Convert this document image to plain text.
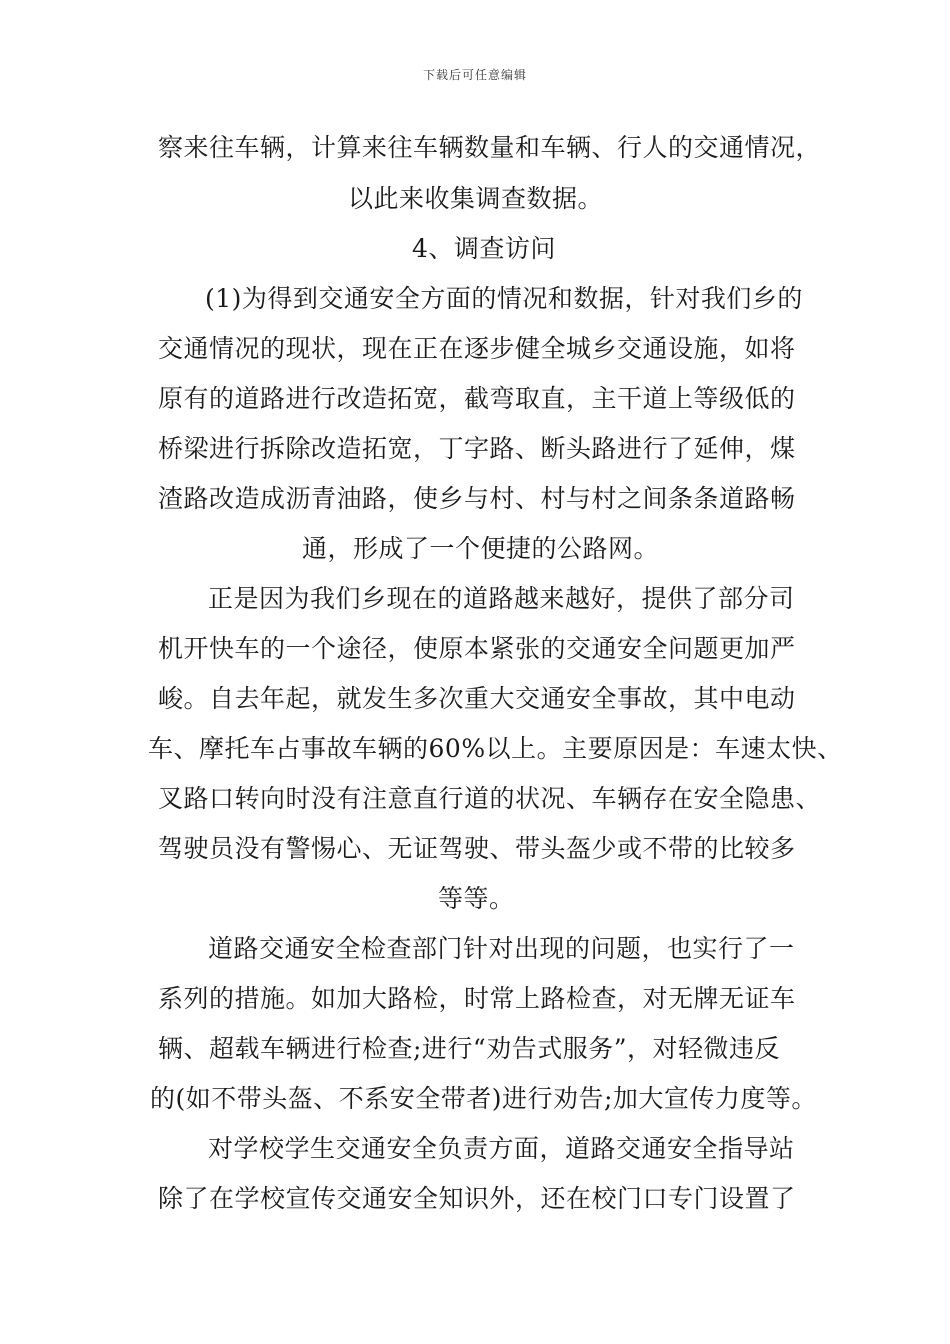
下载后可任意编辑
察来往车辆，计算来往车辆数量和车辆、行人的交通情况，
以此来收集调查数据。
4、调查访问
(1)为得到交通安全方面的情况和数据，针对我们乡的
交通情况的现状，现在正在逐步健全城乡交通设施，如将
原有的道路进行改造拓宽，截弯取直，主干道上等级低的
桥梁进行拆除改造拓宽，丁字路、断头路进行了延伸，煤
渣路改造成沥青油路，使乡与村、村与村之间条条道路畅
通，形成了一个便捷的公路网。
正是因为我们乡现在的道路越来越好，提供了部分司
机开快车的一个途径，使原本紧张的交通安全问题更加严
峻。自去年起，就发生多次重大交通安全事故，其中电动
车、摩托车占事故车辆的60%以上。主要原因是：车速太快、
叉路口转向时没有注意直行道的状况、车辆存在安全隐患、
驾驶员没有警惕心、无证驾驶、带头盔少或不带的比较多
等等。
道路交通安全检查部门针对出现的问题，也实行了一
系列的措施。如加大路检，时常上路检查，对无牌无证车
辆、超载车辆进行检查;进行“劝告式服务”，对轻微违反
的(如不带头盔、不系安全带者)进行劝告;加大宣传力度等。
对学校学生交通安全负责方面，道路交通安全指导站
除了在学校宣传交通安全知识外，还在校门口专门设置了
